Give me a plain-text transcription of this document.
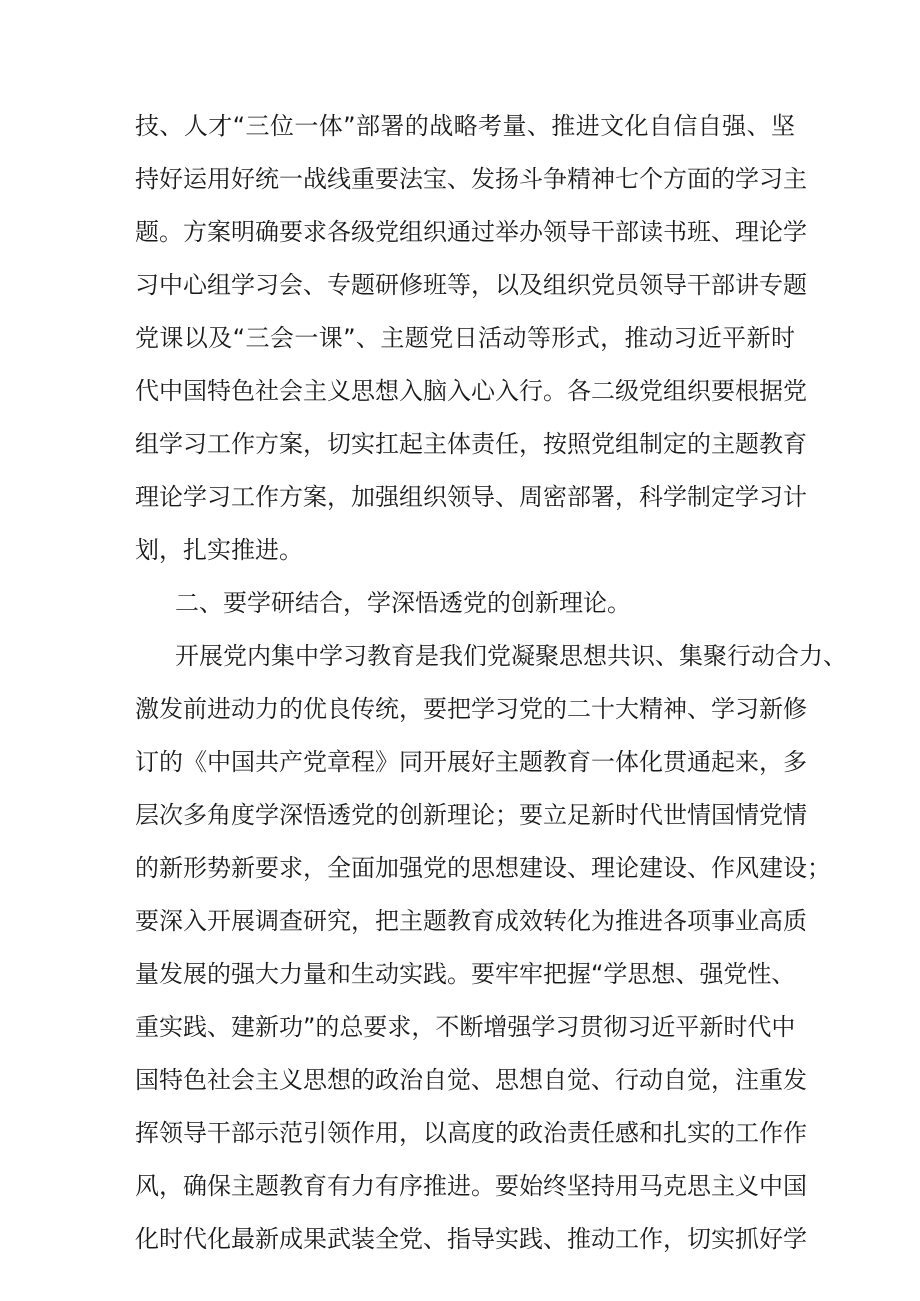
技、人才“三位一体”部署的战略考量、推进文化自信自强、坚
持好运用好统一战线重要法宝、发扬斗争精神七个方面的学习主
题。方案明确要求各级党组织通过举办领导干部读书班、理论学
习中心组学习会、专题研修班等，以及组织党员领导干部讲专题
党课以及“三会一课”、主题党日活动等形式，推动习近平新时
代中国特色社会主义思想入脑入心入行。各二级党组织要根据党
组学习工作方案，切实扛起主体责任，按照党组制定的主题教育
理论学习工作方案，加强组织领导、周密部署，科学制定学习计
划，扎实推进。
二、要学研结合，学深悟透党的创新理论。
开展党内集中学习教育是我们党凝聚思想共识、集聚行动合力、
激发前进动力的优良传统，要把学习党的二十大精神、学习新修
订的《中国共产党章程》同开展好主题教育一体化贯通起来，多
层次多角度学深悟透党的创新理论；要立足新时代世情国情党情
的新形势新要求，全面加强党的思想建设、理论建设、作风建设；
要深入开展调查研究，把主题教育成效转化为推进各项事业高质
量发展的强大力量和生动实践。要牢牢把握“学思想、强党性、
重实践、建新功”的总要求，不断增强学习贯彻习近平新时代中
国特色社会主义思想的政治自觉、思想自觉、行动自觉，注重发
挥领导干部示范引领作用，以高度的政治责任感和扎实的工作作
风，确保主题教育有力有序推进。要始终坚持用马克思主义中国
化时代化最新成果武装全党、指导实践、推动工作，切实抓好学
